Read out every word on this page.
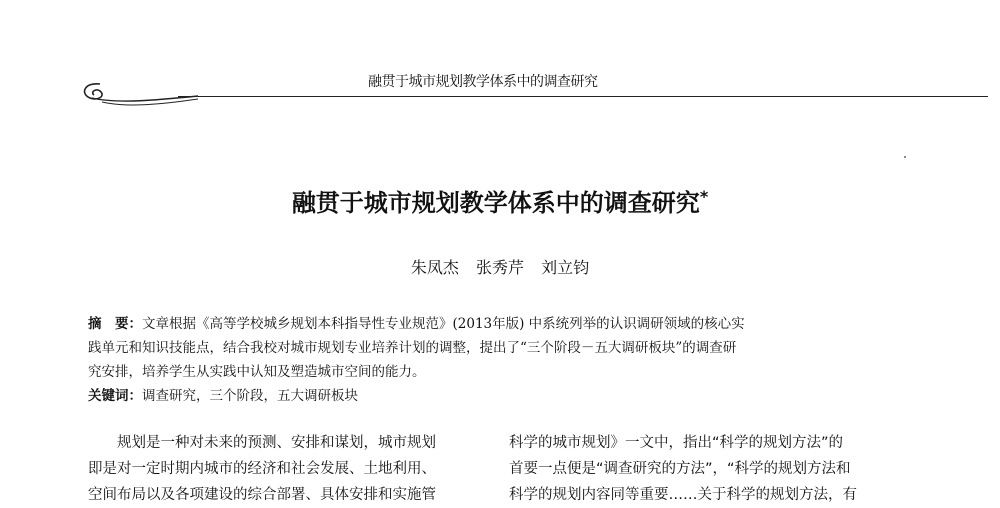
融贯于城市规划教学体系中的调查研究
融贯于城市规划教学体系中的调查研究*
朱凤杰 张秀芹 刘立钧
摘　要：文章根据《高等学校城乡规划本科指导性专业规范》(2013年版) 中系统列举的认识调研领域的核心实
践单元和知识技能点，结合我校对城市规划专业培养计划的调整，提出了“三个阶段－五大调研板块”的调查研
究安排，培养学生从实践中认知及塑造城市空间的能力。
关键词：调查研究，三个阶段，五大调研板块

规划是一种对未来的预测、安排和谋划，城市规划

即是对一定时期内城市的经济和社会发展、土地利用、
空间布局以及各项建设的综合部署、具体安排和实施管
科学的城市规划》一文中，指出“科学的规划方法”的
首要一点便是“调查研究的方法”，“科学的规划方法和
科学的规划内容同等重要……关于科学的规划方法，有
